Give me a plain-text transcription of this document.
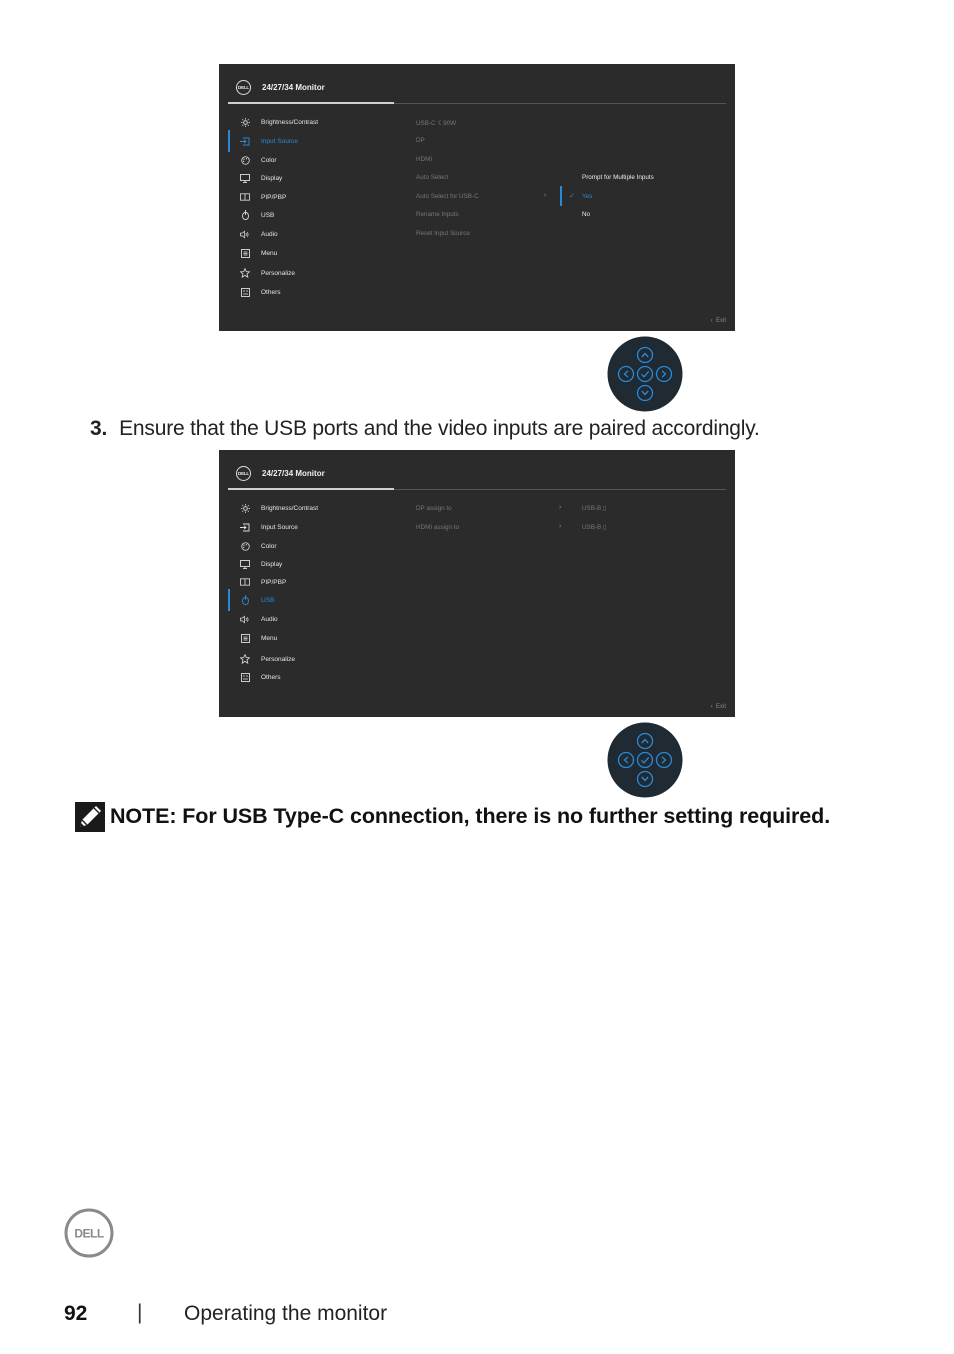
DELL 24/27/34 Monitor
Brightness/Contrast
Input Source
Color
Display
PIP/PBP
USB
Audio
Menu
Personalize
Others
USB-C ☇ 90W
DP
HDMI
Auto Select
Auto Select for USB-C	›
Rename Inputs
Reset Input Source
Prompt for Multiple Inputs
✓ Yes
No
‹  Exit
3. Ensure that the USB ports and the video inputs are paired accordingly.
DELL 24/27/34 Monitor
Brightness/Contrast
Input Source
Color
Display
PIP/PBP
USB
Audio
Menu
Personalize
Others
DP assign to	›	USB-B ▯
HDMI assign to	›	USB-B ▯
‹  Exit
NOTE: For USB Type-C connection, there is no further setting required.
DELL
92 | Operating the monitor
